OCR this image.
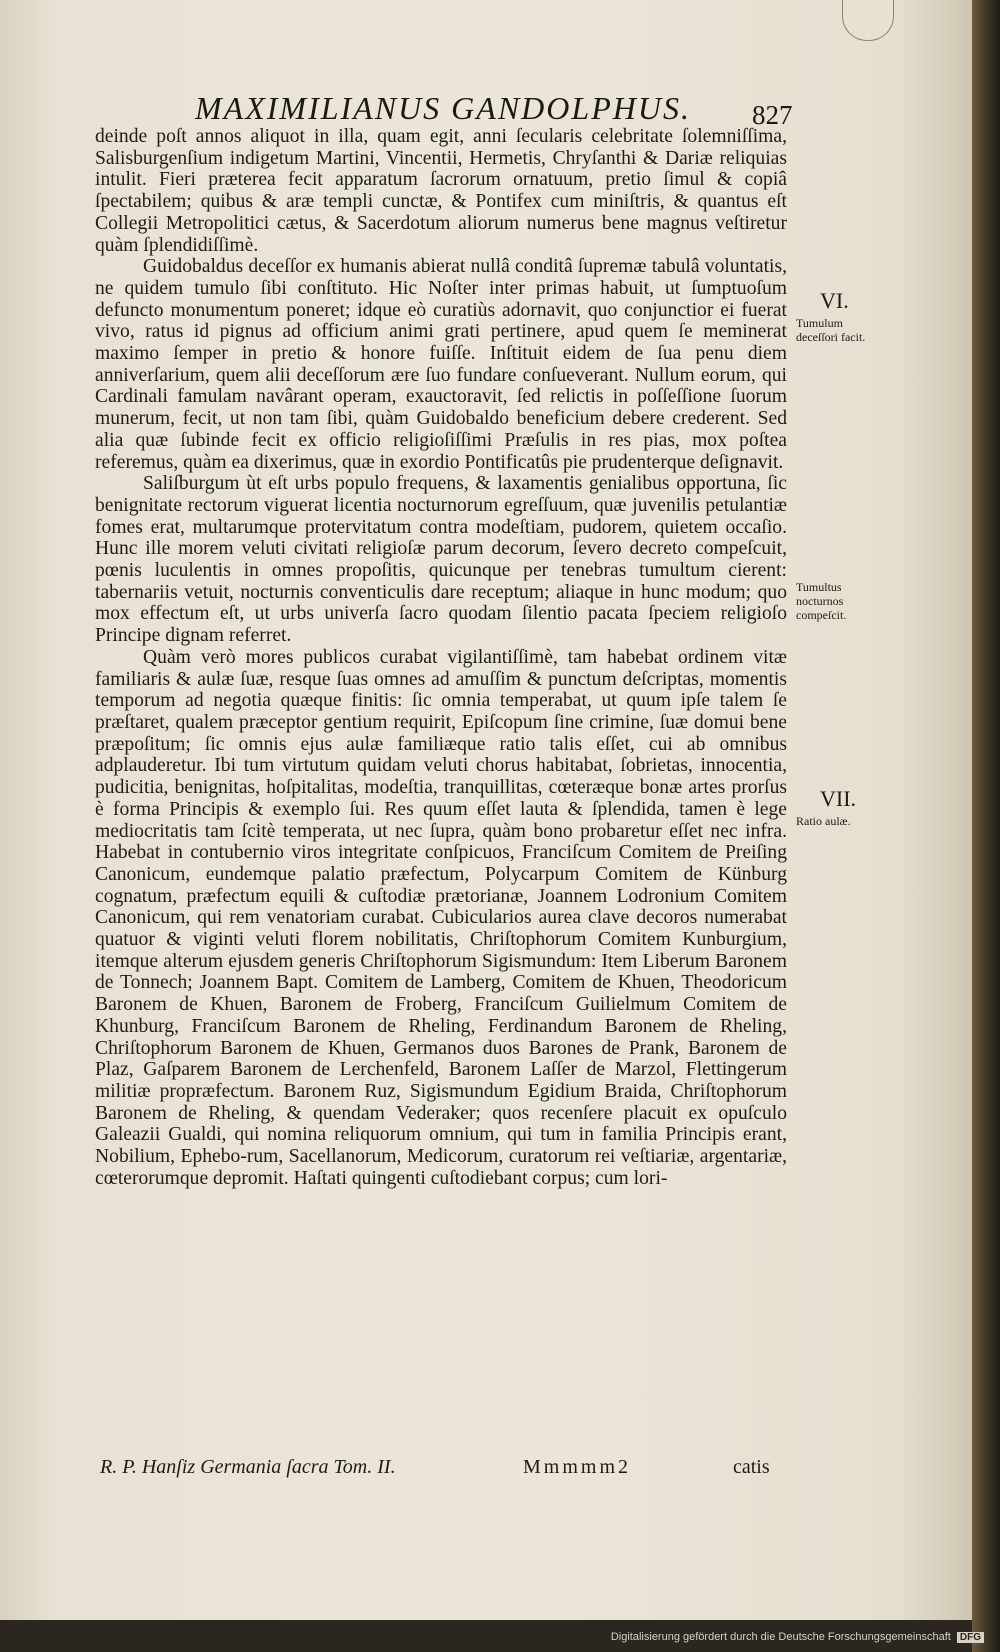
MAXIMILIANUS GANDOLPHUS.	827

deinde poſt annos aliquot in illa, quam egit, anni ſecularis celebritate ſolemniſſima, Salisburgenſium indigetum Martini, Vincentii, Hermetis, Chryſanthi & Dariæ reliquias intulit. Fieri præterea fecit apparatum ſacrorum ornatuum, pretio ſimul & copiâ ſpectabilem; quibus & aræ templi cunctæ, & Pontifex cum miniſtris, & quantus eſt Collegii Metropolitici cætus, & Sacerdotum aliorum numerus bene magnus veſtiretur quàm ſplendidiſſimè.

Guidobaldus deceſſor ex humanis abierat nullâ conditâ ſupremæ tabulâ voluntatis, ne quidem tumulo ſibi conſtituto. Hic Noſter inter primas habuit, ut ſumptuoſum defuncto monumentum poneret; idque eò curatiùs adornavit, quo conjunctior ei fuerat vivo, ratus id pignus ad officium animi grati pertinere, apud quem ſe meminerat maximo ſemper in pretio & honore fuiſſe. Inſtituit eidem de ſua penu diem anniverſarium, quem alii deceſſorum ære ſuo fundare conſueverant. Nullum eorum, qui Cardinali famulam navârant operam, exauctoravit, ſed relictis in poſſeſſione ſuorum munerum, fecit, ut non tam ſibi, quàm Guidobaldo beneficium debere crederent. Sed alia quæ ſubinde fecit ex officio religioſiſſimi Præſulis in res pias, mox poſtea referemus, quàm ea dixerimus, quæ in exordio Pontificatûs pie prudenterque deſignavit.

Saliſburgum ùt eſt urbs populo frequens, & laxamentis genialibus opportuna, ſic benignitate rectorum viguerat licentia nocturnorum egreſſuum, quæ juvenilis petulantiæ fomes erat, multarumque protervitatum contra modeſtiam, pudorem, quietem occaſio. Hunc ille morem veluti civitati religioſæ parum decorum, ſevero decreto compeſcuit, pœnis luculentis in omnes propoſitis, quicunque per tenebras tumultum cierent: tabernariis vetuit, nocturnis conventiculis dare receptum; aliaque in hunc modum; quo mox effectum eſt, ut urbs univerſa ſacro quodam ſilentio pacata ſpeciem religioſo Principe dignam referret.

Quàm verò mores publicos curabat vigilantiſſimè, tam habebat ordinem vitæ familiaris & aulæ ſuæ, resque ſuas omnes ad amuſſim & punctum deſcriptas, momentis temporum ad negotia quæque finitis: ſic omnia temperabat, ut quum ipſe talem ſe præſtaret, qualem præceptor gentium requirit, Epiſcopum ſine crimine, ſuæ domui bene præpoſitum; ſic omnis ejus aulæ familiæque ratio talis eſſet, cui ab omnibus adplauderetur. Ibi tum virtutum quidam veluti chorus habitabat, ſobrietas, innocentia, pudicitia, benignitas, hoſpitalitas, modeſtia, tranquillitas, cœteræque bonæ artes prorſus è forma Principis & exemplo ſui. Res quum eſſet lauta & ſplendida, tamen è lege mediocritatis tam ſcitè temperata, ut nec ſupra, quàm bono probaretur eſſet nec infra. Habebat in contubernio viros integritate conſpicuos, Franciſcum Comitem de Preiſing Canonicum, eundemque palatio præfectum, Polycarpum Comitem de Künburg cognatum, præfectum equili & cuſtodiæ prætorianæ, Joannem Lodronium Comitem Canonicum, qui rem venatoriam curabat. Cubicularios aurea clave decoros numerabat quatuor & viginti veluti florem nobilitatis, Chriſtophorum Comitem Kunburgium, itemque alterum ejusdem generis Chriſtophorum Sigismundum: Item Liberum Baronem de Tonnech; Joannem Bapt. Comitem de Lamberg, Comitem de Khuen, Theodoricum Baronem de Khuen, Baronem de Froberg, Franciſcum Guilielmum Comitem de Khunburg, Franciſcum Baronem de Rheling, Ferdinandum Baronem de Rheling, Chriſtophorum Baronem de Khuen, Germanos duos Barones de Prank, Baronem de Plaz, Gaſparem Baronem de Lerchenfeld, Baronem Laſſer de Marzol, Flettingerum militiæ propræfectum. Baronem Ruz, Sigismundum Egidium Braida, Chriſtophorum Baronem de Rheling, & quendam Vederaker; quos recenſere placuit ex opuſculo Galeazii Gualdi, qui nomina reliquorum omnium, qui tum in familia Principis erant, Nobilium, Ephebo-rum, Sacellanorum, Medicorum, curatorum rei veſtiariæ, argentariæ, cœterorumque depromit. Haſtati quingenti cuſtodiebant corpus; cum lori-

VI.
Tumulum deceſſori facit.
Tumultus nocturnos compeſcit.
VII.
Ratio aulæ.
R. P. Hanſiz Germania ſacra Tom. II.	Mmmmm2	catis
Digitalisierung gefördert durch die Deutsche Forschungsgemeinschaft DFG
